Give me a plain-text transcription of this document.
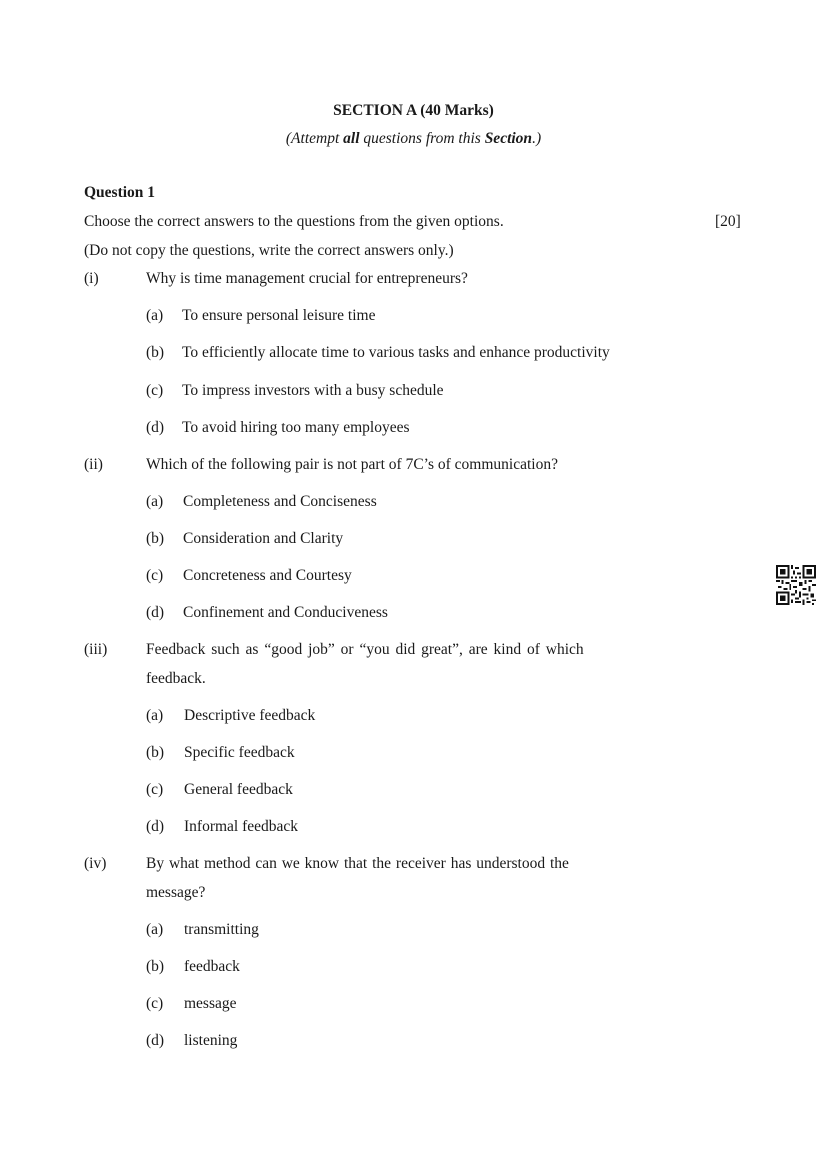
SECTION A (40 Marks)
(Attempt all questions from this Section.)
Question 1
Choose the correct answers to the questions from the given options.	[20]
(Do not copy the questions, write the correct answers only.)
(i)	Why is time management crucial for entrepreneurs?
(a) To ensure personal leisure time
(b) To efficiently allocate time to various tasks and enhance productivity
(c) To impress investors with a busy schedule
(d) To avoid hiring too many employees
(ii)	Which of the following pair is not part of 7C’s of communication?
(a) Completeness and Conciseness
(b) Consideration and Clarity
(c) Concreteness and Courtesy
(d) Confinement and Conduciveness
(iii)	Feedback such as “good job” or “you did great”, are kind of which
feedback.
(a) Descriptive feedback
(b) Specific feedback
(c) General feedback
(d) Informal feedback
(iv)	By what method can we know that the receiver has understood the
message?
(a) transmitting
(b) feedback
(c) message
(d) listening
